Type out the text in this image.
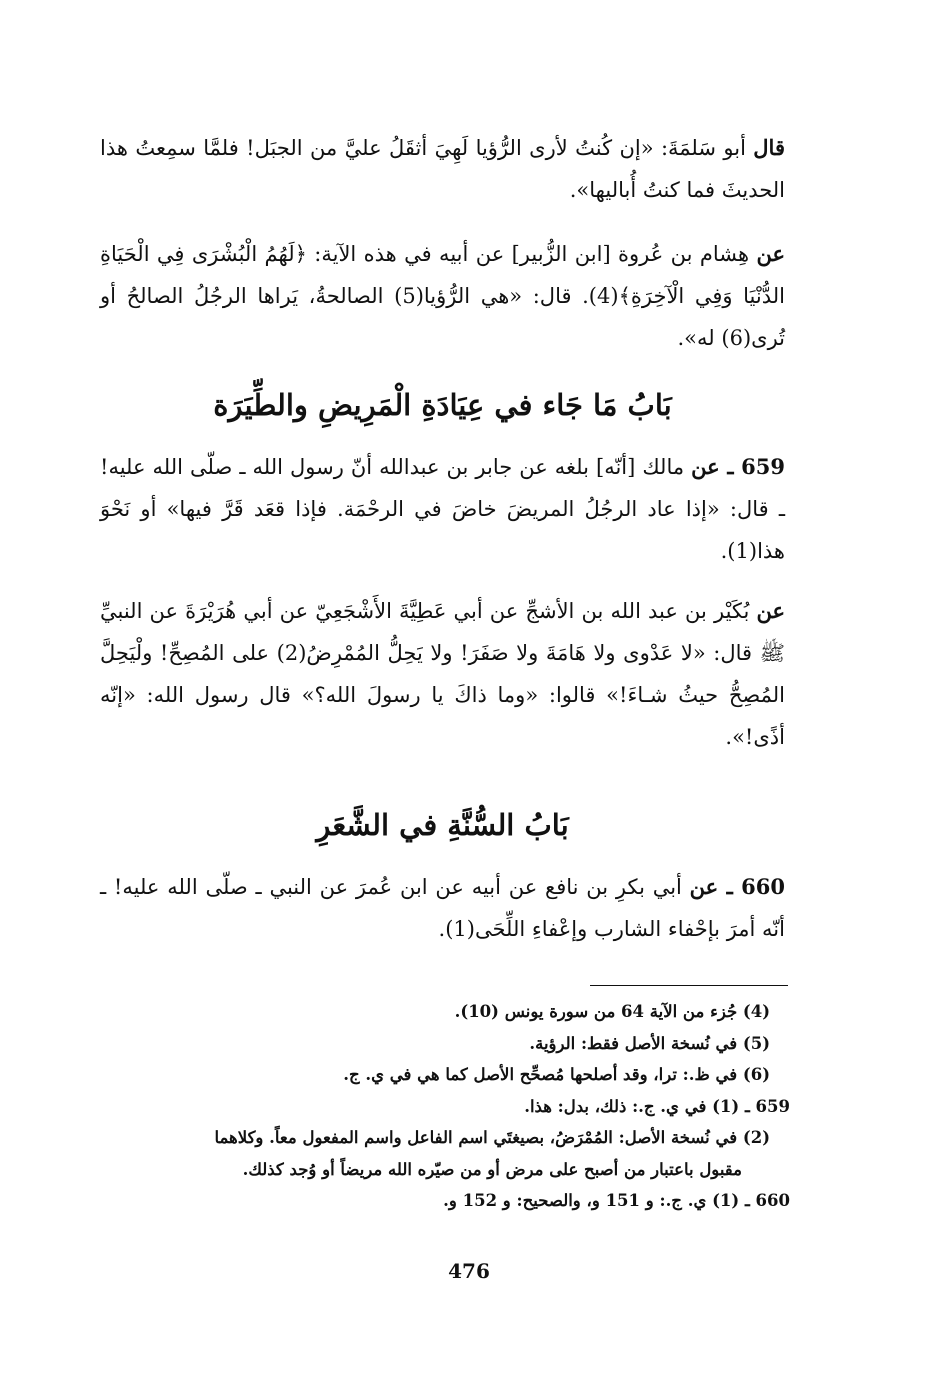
قال أبو سَلمَةَ: «إن كُنتُ لأرى الرُّؤيا لَهِيَ أثقَلُ عليَّ من الجبَل! فلمَّا سمِعتُ هذا الحديثَ فما كنتُ أُباليها».
عن هِشام بن عُروة [ابن الزُّبير] عن أبيه في هذه الآية: ﴿لَهُمُ الْبُشْرَى فِي الْحَيَاةِ الدُّنْيَا وَفِي الْآخِرَةِ﴾(4). قال: «هي الرُّؤيا(5) الصالحةُ، يَراها الرجُلُ الصالحُ أو تُرى(6) له».
بَابُ مَا جَاء في عِيَادَةِ الْمَرِيضِ والطِّيَرَة
659 ـ عن مالك [أنّه] بلغه عن جابر بن عبدالله أنّ رسول الله ـ صلّى الله عليه! ـ قال: «إذا عاد الرجُلُ المريضَ خاضَ في الرحْمَة. فإذا قعَد قَرَّ فيها» أو نَحْوَ هذا(1).
عن بُكَيْر بن عبد الله بن الأشجِّ عن أبي عَطِيَّةَ الأَشْجَعِيّ عن أبي هُرَيْرَةَ عن النبيِّ ﷺ قال: «لا عَدْوى ولا هَامَةَ ولا صَفَرَ! ولا يَحِلُّ المُمْرِضُ(2) على المُصِحِّ! ولْيَحِلَّ المُصِحُّ حيثُ شـاءَ!» قالوا: «وما ذاكَ يا رسولَ الله؟» قال رسول الله: «إنّه أذًى!».
بَابُ السُّنَّةِ في الشَّعَرِ
660 ـ عن أبي بكرِ بن نافع عن أبيه عن ابن عُمرَ عن النبي ـ صلّى الله عليه! ـ أنّه أمرَ بإحْفاء الشارب وإعْفاءِ اللِّحَى(1).

(4) جُزء من الآية 64 من سورة يونس (10).

(5) في نُسخة الأصل فقط: الرؤية.

(6) في ظ.: ترا، وقد أصلحها مُصحِّح الأصل كما هي في ي. ج.

659 ـ (1) في ي. ج.: ذلك، بدل: هذا.

(2) في نُسخة الأصل: المُمْرَضُ، بصيغتَي اسم الفاعل واسم المفعول معاً. وكلاهما

مقبول باعتبار من أصبح على مرض أو من صيّره الله مريضاً أو وُجد كذلك.

660 ـ (1) ي. ج.: و 151 و، والصحيح: و 152 و.

476
